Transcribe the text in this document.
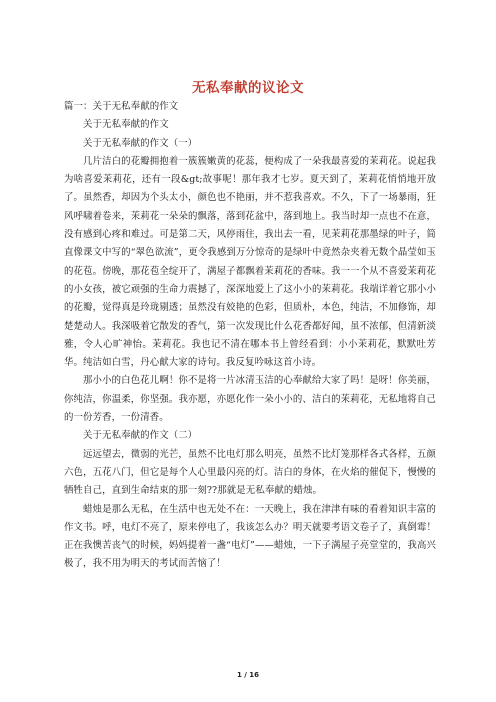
无私奉献的议论文

篇一：关于无私奉献的作文

关于无私奉献的作文

关于无私奉献的作文（一）

几片洁白的花瓣拥抱着一簇簇嫩黄的花蕊，便构成了一朵我最喜爱的茉莉花。说起我为啥喜爱茉莉花，还有一段&gt;故事呢！那年我才七岁。夏天到了，茉莉花悄悄地开放了。虽然香，却因为个头太小，颜色也不艳丽，并不惹我喜欢。不久，下了一场暴雨，狂风呼啸着卷来，茉莉花一朵朵的飘落，落到花盆中，落到地上。我当时却一点也不在意，没有感到心疼和难过。可是第二天，风停雨住，我出去一看，见茉莉花那墨绿的叶子，简直像课文中写的“翠色欲流”，更令我感到万分惊奇的是绿叶中竟然杂夹着无数个晶莹如玉的花苞。傍晚，那花苞全绽开了，满屋子都飘着茉莉花的香味。我一一个从不喜爱茉莉花的小女孩，被它顽强的生命力震撼了，深深地爱上了这小小的茉莉花。我端详着它那小小的花瓣，觉得真是玲珑剔透；虽然没有姣艳的色彩，但质朴，本色，纯洁，不加修饰，却楚楚动人。我深吸着它散发的香气，第一次发现比什么花香都好闻，虽不浓郁，但清新淡雅，令人心旷神怡。茉莉花。我也记不清在哪本书上曾经看到：小小茉莉花，默默吐芳华。纯洁如白雪，丹心献大家的诗句。我反复吟咏这首小诗。

那小小的白色花儿啊！你不是将一片冰清玉洁的心奉献给大家了吗！是呀！你美丽，你纯洁，你温柔，你坚强。我亦愿，亦愿化作一朵小小的、洁白的茉莉花，无私地将自己的一份芳香，一份清香。

关于无私奉献的作文（二）

远远望去，微弱的光芒，虽然不比电灯那么明亮，虽然不比灯笼那样各式各样，五颜六色，五花八门，但它是每个人心里最闪亮的灯。洁白的身体，在火焰的催促下，慢慢的牺牲自己，直到生命结束的那一刻??那就是无私奉献的蜡烛。

蜡烛是那么无私，在生活中也无处不在：一天晚上，我在津津有味的看着知识丰富的作文书。呼，电灯不亮了，原来停电了，我该怎么办？明天就要考语文卷子了，真倒霉！正在我懊苦丧气的时候，妈妈提着一盏“电灯”——蜡烛，一下子满屋子亮堂堂的，我高兴极了，我不用为明天的考试而苦恼了！

1 / 16
